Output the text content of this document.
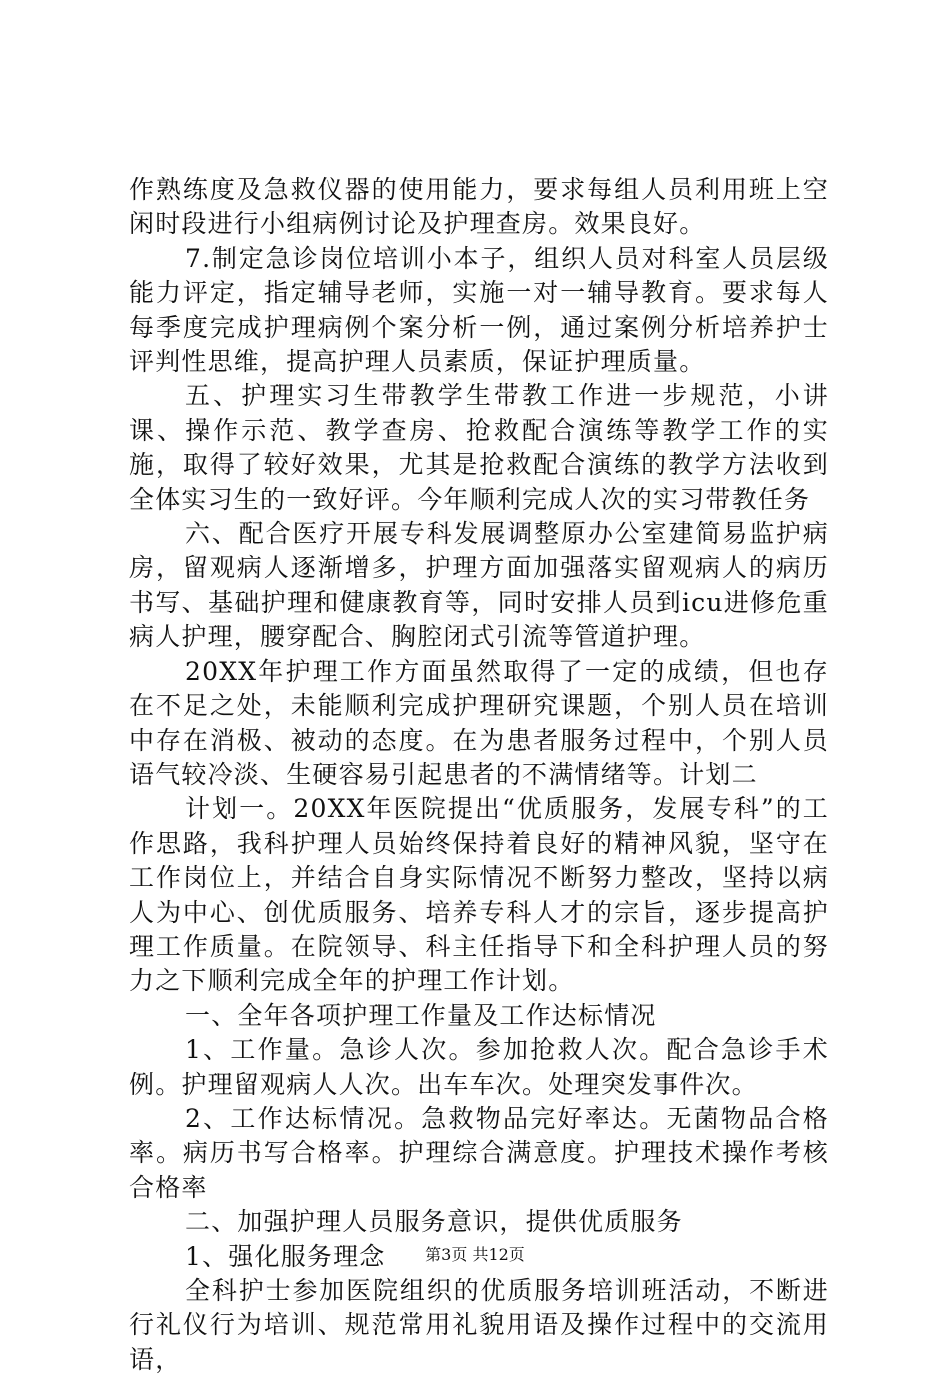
作熟练度及急救仪器的使用能力，要求每组人员利用班上空闲时段进行小组病例讨论及护理查房。效果良好。

7.制定急诊岗位培训小本子，组织人员对科室人员层级能力评定，指定辅导老师，实施一对一辅导教育。要求每人每季度完成护理病例个案分析一例，通过案例分析培养护士评判性思维，提高护理人员素质，保证护理质量。

五、护理实习生带教学生带教工作进一步规范，小讲课、操作示范、教学查房、抢救配合演练等教学工作的实施，取得了较好效果，尤其是抢救配合演练的教学方法收到全体实习生的一致好评。今年顺利完成人次的实习带教任务

六、配合医疗开展专科发展调整原办公室建简易监护病房，留观病人逐渐增多，护理方面加强落实留观病人的病历书写、基础护理和健康教育等，同时安排人员到icu进修危重病人护理，腰穿配合、胸腔闭式引流等管道护理。

20XX年护理工作方面虽然取得了一定的成绩，但也存在不足之处，未能顺利完成护理研究课题，个别人员在培训中存在消极、被动的态度。在为患者服务过程中，个别人员语气较冷淡、生硬容易引起患者的不满情绪等。计划二

计划一。20XX年医院提出“优质服务，发展专科”的工作思路，我科护理人员始终保持着良好的精神风貌，坚守在工作岗位上，并结合自身实际情况不断努力整改，坚持以病人为中心、创优质服务、培养专科人才的宗旨，逐步提高护理工作质量。在院领导、科主任指导下和全科护理人员的努力之下顺利完成全年的护理工作计划。

一、全年各项护理工作量及工作达标情况

1、工作量。急诊人次。参加抢救人次。配合急诊手术例。护理留观病人人次。出车车次。处理突发事件次。

2、工作达标情况。急救物品完好率达。无菌物品合格率。病历书写合格率。护理综合满意度。护理技术操作考核合格率

二、加强护理人员服务意识，提供优质服务

1、强化服务理念

全科护士参加医院组织的优质服务培训班活动，不断进行礼仪行为培训、规范常用礼貌用语及操作过程中的交流用语，

第3页 共12页
